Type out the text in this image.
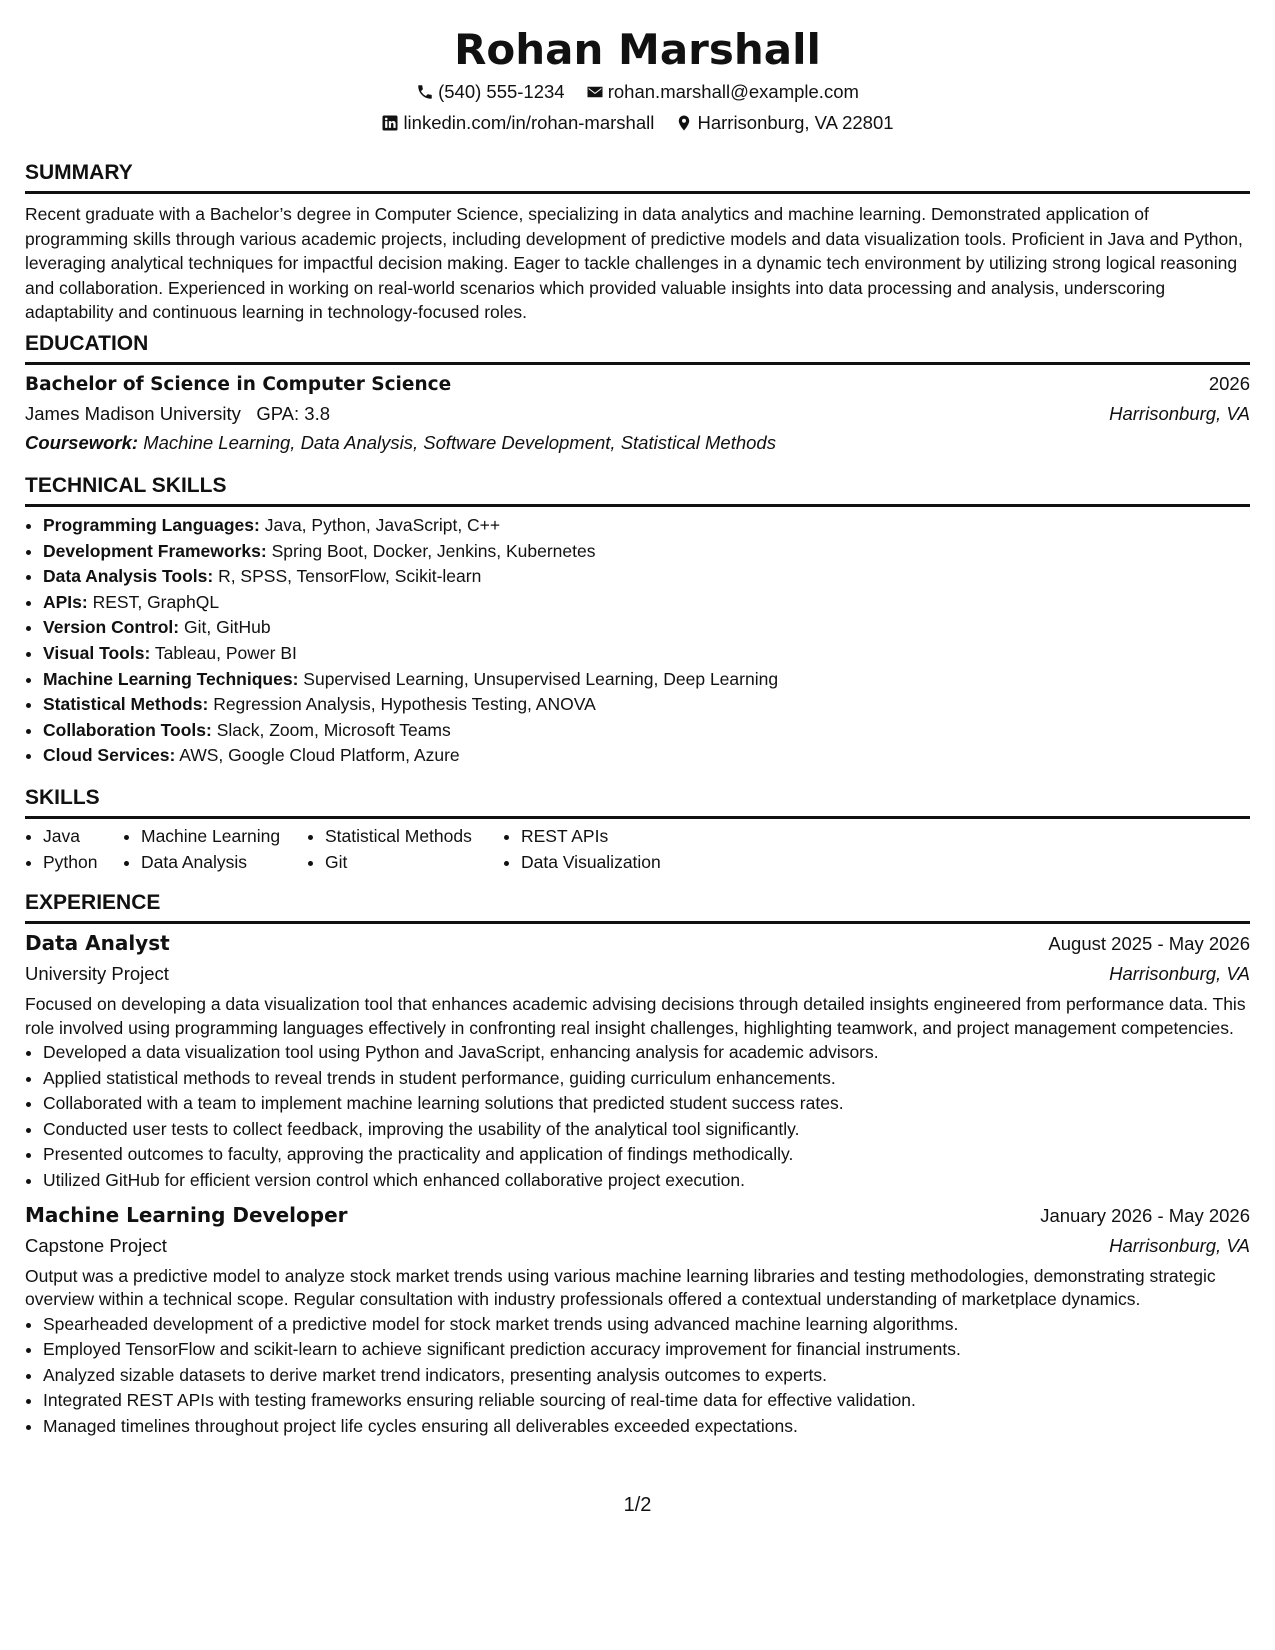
Rohan Marshall
(540) 555-1234
rohan.marshall@example.com
linkedin.com/in/rohan-marshall
Harrisonburg, VA 22801
SUMMARY
Recent graduate with a Bachelor’s degree in Computer Science, specializing in data analytics and machine learning. Demonstrated application of programming skills through various academic projects, including development of predictive models and data visualization tools. Proficient in Java and Python, leveraging analytical techniques for impactful decision making. Eager to tackle challenges in a dynamic tech environment by utilizing strong logical reasoning and collaboration. Experienced in working on real-world scenarios which provided valuable insights into data processing and analysis, underscoring adaptability and continuous learning in technology-focused roles.
EDUCATION
Bachelor of Science in Computer Science	2026
James Madison University GPA: 3.8	Harrisonburg, VA
Coursework: Machine Learning, Data Analysis, Software Development, Statistical Methods
TECHNICAL SKILLS
• Programming Languages: Java, Python, JavaScript, C++
• Development Frameworks: Spring Boot, Docker, Jenkins, Kubernetes
• Data Analysis Tools: R, SPSS, TensorFlow, Scikit-learn
• APIs: REST, GraphQL
• Version Control: Git, GitHub
• Visual Tools: Tableau, Power BI
• Machine Learning Techniques: Supervised Learning, Unsupervised Learning, Deep Learning
• Statistical Methods: Regression Analysis, Hypothesis Testing, ANOVA
• Collaboration Tools: Slack, Zoom, Microsoft Teams
• Cloud Services: AWS, Google Cloud Platform, Azure
SKILLS
• Java
• Python
• Machine Learning
• Data Analysis
• Statistical Methods
• Git
• REST APIs
• Data Visualization
EXPERIENCE
Data Analyst	August 2025 - May 2026
University Project	Harrisonburg, VA
Focused on developing a data visualization tool that enhances academic advising decisions through detailed insights engineered from performance data. This role involved using programming languages effectively in confronting real insight challenges, highlighting teamwork, and project management competencies.
• Developed a data visualization tool using Python and JavaScript, enhancing analysis for academic advisors.
• Applied statistical methods to reveal trends in student performance, guiding curriculum enhancements.
• Collaborated with a team to implement machine learning solutions that predicted student success rates.
• Conducted user tests to collect feedback, improving the usability of the analytical tool significantly.
• Presented outcomes to faculty, approving the practicality and application of findings methodically.
• Utilized GitHub for efficient version control which enhanced collaborative project execution.
Machine Learning Developer	January 2026 - May 2026
Capstone Project	Harrisonburg, VA
Output was a predictive model to analyze stock market trends using various machine learning libraries and testing methodologies, demonstrating strategic overview within a technical scope. Regular consultation with industry professionals offered a contextual understanding of marketplace dynamics.
• Spearheaded development of a predictive model for stock market trends using advanced machine learning algorithms.
• Employed TensorFlow and scikit-learn to achieve significant prediction accuracy improvement for financial instruments.
• Analyzed sizable datasets to derive market trend indicators, presenting analysis outcomes to experts.
• Integrated REST APIs with testing frameworks ensuring reliable sourcing of real-time data for effective validation.
• Managed timelines throughout project life cycles ensuring all deliverables exceeded expectations.
1/2
